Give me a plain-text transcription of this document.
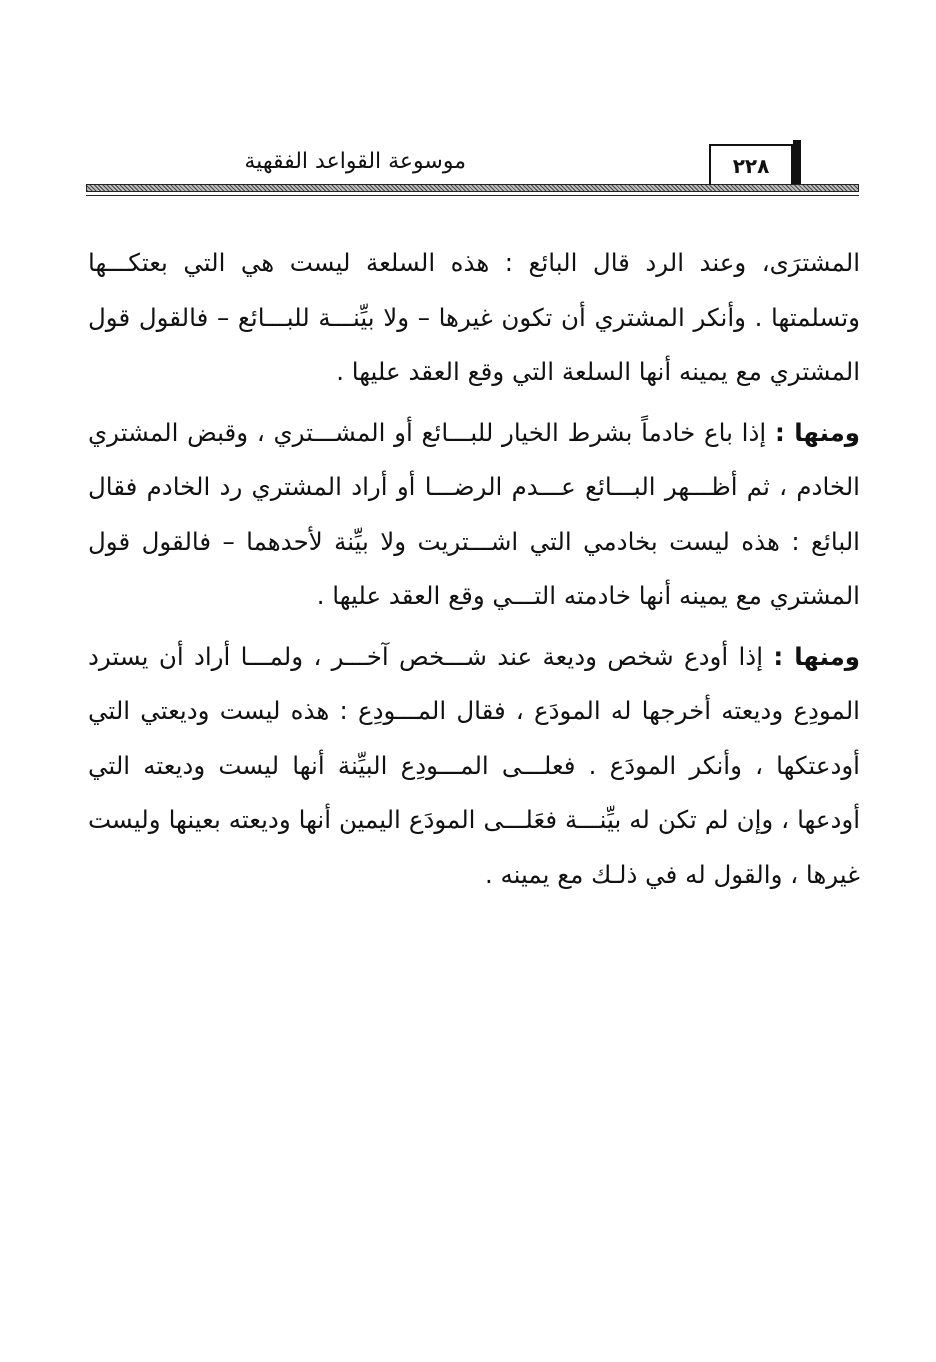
موسوعة القواعد الفقهية	٢٢٨

المشترَى، وعند الرد قال البائع : هذه السلعة ليست هي التي بعتكـــها وتسلمتها . وأنكر المشتري أن تكون غيرها – ولا بيِّنـــة للبـــائع – فالقول قول المشتري مع يمينه أنها السلعة التي وقع العقد عليها .

ومنها : إذا باع خادماً بشرط الخيار للبـــائع أو المشـــتري ، وقبض المشتري الخادم ، ثم أظـــهر البـــائع عـــدم الرضـــا أو أراد المشتري رد الخادم فقال البائع : هذه ليست بخادمي التي اشـــتريت ولا بيِّنة لأحدهما – فالقول قول المشتري مع يمينه أنها خادمته التـــي وقع العقد عليها .

ومنها : إذا أودع شخص وديعة عند شـــخص آخـــر ، ولمـــا أراد أن يسترد المودِع وديعته أخرجها له المودَع ، فقال المـــودِع : هذه ليست وديعتي التي أودعتكها ، وأنكر المودَع . فعلـــى المـــودِع البيِّنة أنها ليست وديعته التي أودعها ، وإن لم تكن له بيِّنـــة فعَلـــى المودَع اليمين أنها وديعته بعينها وليست غيرها ، والقول له في ذلـك مع يمينه .
